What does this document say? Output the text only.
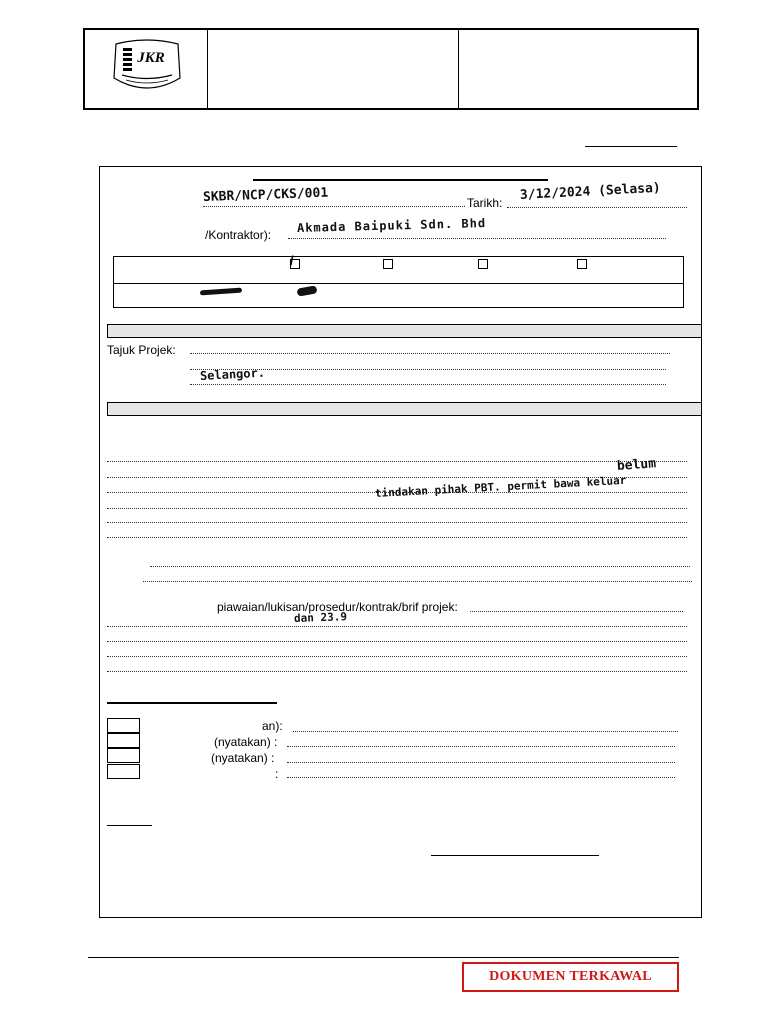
JKR
SKBR/NCP/CKS/001	Tarikh:
3/12/2024 (Selasa)
/Kontraktor):
Akmada Baipuki Sdn. Bhd
/
Tajuk Projek:
Selangor.
belum
tindakan pihak PBT. permit bawa keluar
piawaian/lukisan/prosedur/kontrak/brif projek:
dan 23.9
an):
(nyatakan) :
(nyatakan) :
:
DOKUMEN TERKAWAL
